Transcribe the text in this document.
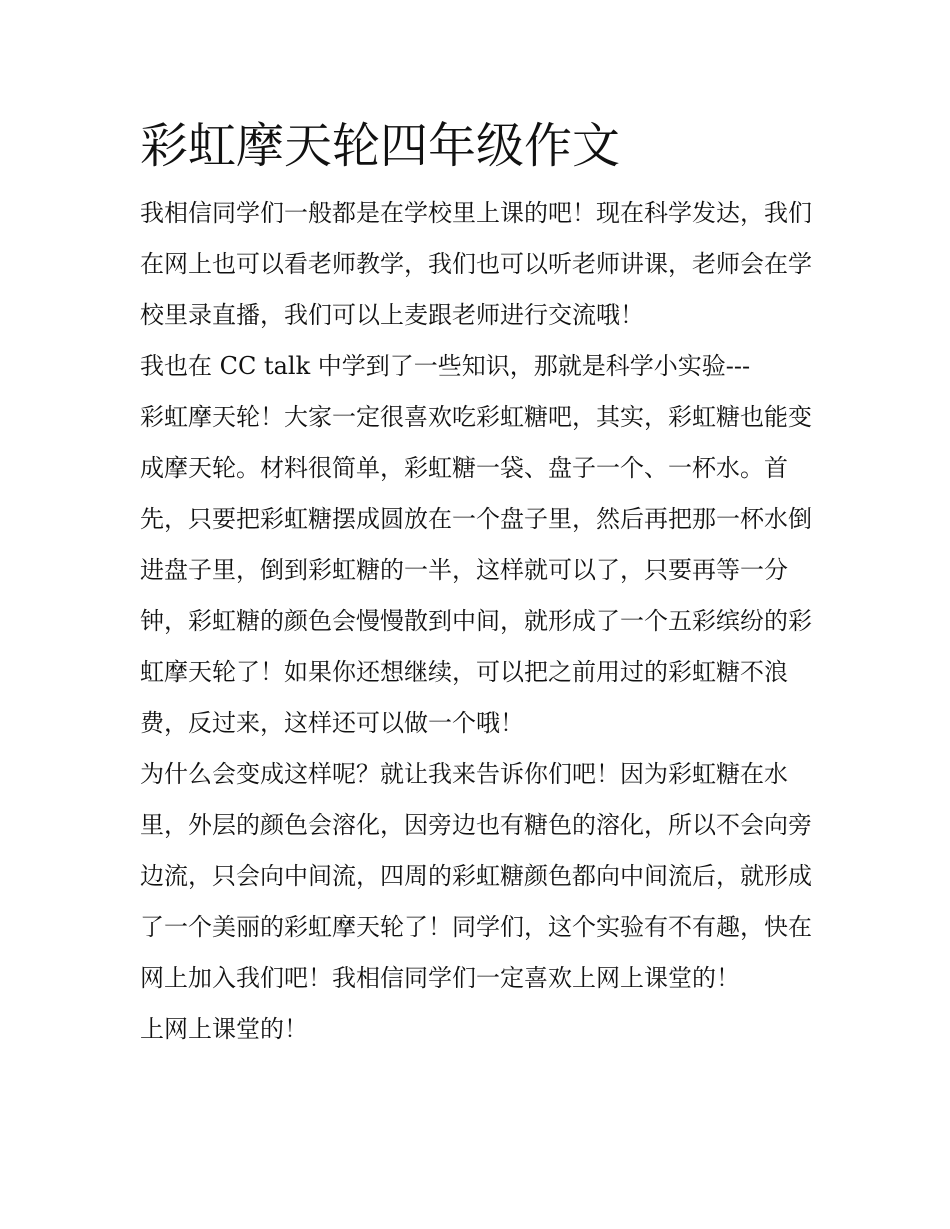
彩虹摩天轮四年级作文

我相信同学们一般都是在学校里上课的吧！现在科学发达，我们在网上也可以看老师教学，我们也可以听老师讲课，老师会在学校里录直播，我们可以上麦跟老师进行交流哦！

我也在 CC talk 中学到了一些知识，那就是科学小实验---

彩虹摩天轮！大家一定很喜欢吃彩虹糖吧，其实，彩虹糖也能变成摩天轮。材料很简单，彩虹糖一袋、盘子一个、一杯水。首先，只要把彩虹糖摆成圆放在一个盘子里，然后再把那一杯水倒进盘子里，倒到彩虹糖的一半，这样就可以了，只要再等一分钟，彩虹糖的颜色会慢慢散到中间，就形成了一个五彩缤纷的彩虹摩天轮了！如果你还想继续，可以把之前用过的彩虹糖不浪费，反过来，这样还可以做一个哦！

为什么会变成这样呢？就让我来告诉你们吧！因为彩虹糖在水里，外层的颜色会溶化，因旁边也有糖色的溶化，所以不会向旁边流，只会向中间流，四周的彩虹糖颜色都向中间流后，就形成了一个美丽的彩虹摩天轮了！同学们，这个实验有不有趣，快在网上加入我们吧！我相信同学们一定喜欢上网上课堂的！

上网上课堂的！
